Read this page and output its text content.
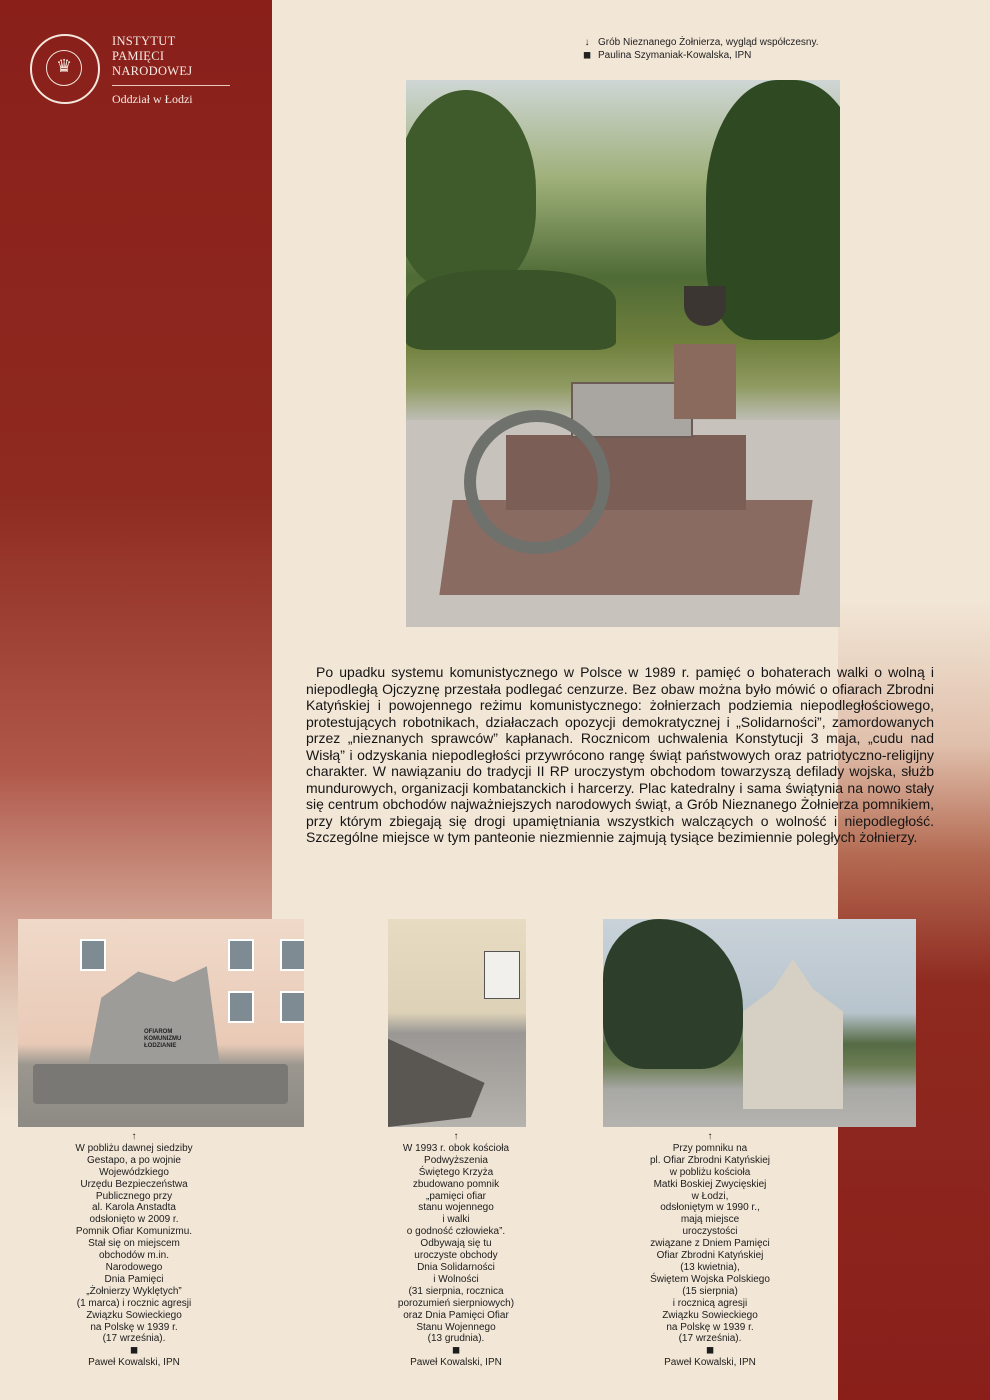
♛
INSTYTUT PAMIĘCI
NARODOWEJ
Oddział w Łodzi
↓ Grób Nieznanego Żołnierza, wygląd współczesny.
◼ Paulina Szymaniak-Kowalska, IPN
Po upadku systemu komunistycznego w Polsce w 1989 r. pamięć o bohaterach walki o wolną i niepodległą Ojczyznę przestała podlegać cenzurze. Bez obaw można było mówić o ofiarach Zbrodni Katyńskiej i powojennego reżimu komunistycznego: żołnierzach podziemia niepodległościowego, protestujących robotnikach, działaczach opozycji demokratycznej i „Solidarności”, zamordowanych przez „nieznanych sprawców” kapłanach. Rocznicom uchwalenia Konstytucji 3 maja, „cudu nad Wisłą” i odzyskania niepodległości przywrócono rangę świąt państwowych oraz patriotyczno-religijny charakter. W nawiązaniu do tradycji II RP uroczystym obchodom towarzyszą defilady wojska, służb mundurowych, organizacji kombatanckich i harcerzy. Plac katedralny i sama świątynia na nowo stały się centrum obchodów najważniejszych narodowych świąt, a Grób Nieznanego Żołnierza pomnikiem, przy którym zbiegają się drogi upamiętniania wszystkich walczących o wolność i niepodległość. Szczególne miejsce w tym panteonie niezmiennie zajmują tysiące bezimiennie poległych żołnierzy.
OFIAROM
KOMUNIZMU
ŁODZIANIE
↑
W pobliżu dawnej siedziby
Gestapo, a po wojnie
Wojewódzkiego
Urzędu Bezpieczeństwa
Publicznego przy
al. Karola Anstadta
odsłonięto w 2009 r.
Pomnik Ofiar Komunizmu.
Stał się on miejscem
obchodów m.in.
Narodowego
Dnia Pamięci
„Żołnierzy Wyklętych”
(1 marca) i rocznic agresji
Związku Sowieckiego
na Polskę w 1939 r.
(17 września).
◼
Paweł Kowalski, IPN
↑
W 1993 r. obok kościoła
Podwyższenia
Świętego Krzyża
zbudowano pomnik
„pamięci ofiar
stanu wojennego
i walki
o godność człowieka”.
Odbywają się tu
uroczyste obchody
Dnia Solidarności
i Wolności
(31 sierpnia, rocznica
porozumień sierpniowych)
oraz Dnia Pamięci Ofiar
Stanu Wojennego
(13 grudnia).
◼
Paweł Kowalski, IPN
↑
Przy pomniku na
pl. Ofiar Zbrodni Katyńskiej
w pobliżu kościoła
Matki Boskiej Zwycięskiej
w Łodzi,
odsłoniętym w 1990 r.,
mają miejsce
uroczystości
związane z Dniem Pamięci
Ofiar Zbrodni Katyńskiej
(13 kwietnia),
Świętem Wojska Polskiego
(15 sierpnia)
i rocznicą agresji
Związku Sowieckiego
na Polskę w 1939 r.
(17 września).
◼
Paweł Kowalski, IPN
